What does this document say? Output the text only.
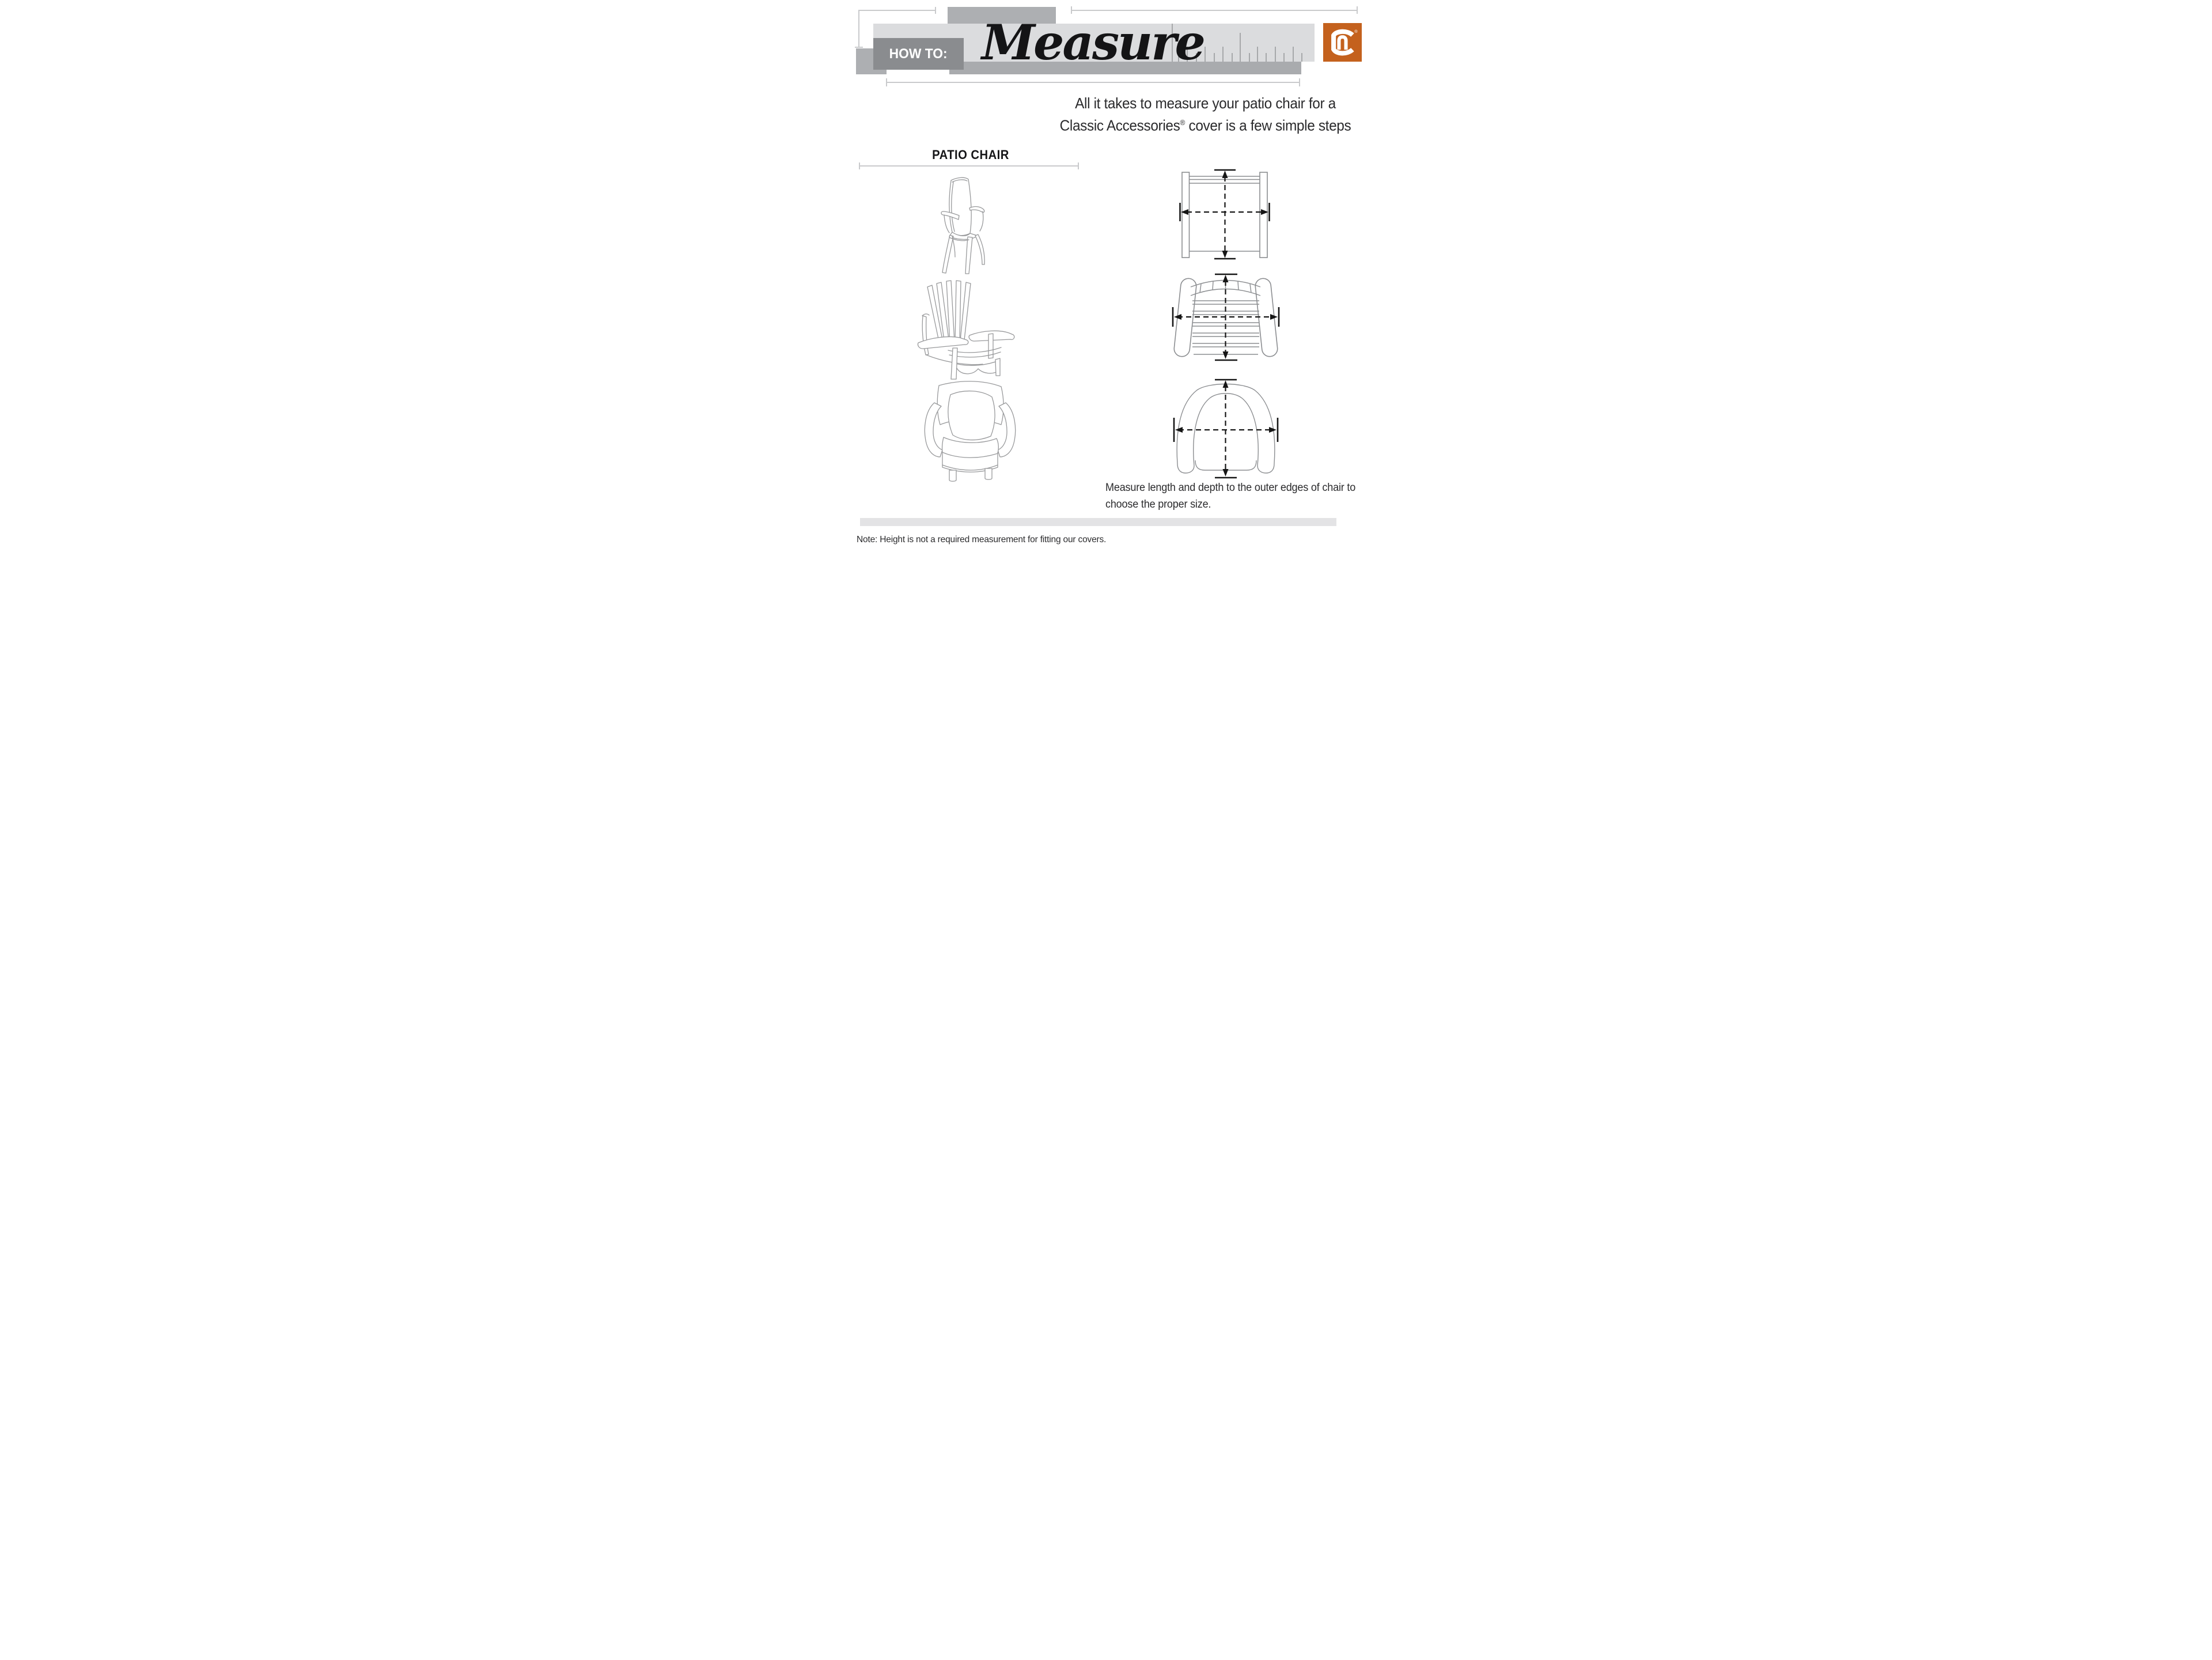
HOW TO: Measure	®
All it takes to measure your patio chair for a
Classic Accessories® cover is a few simple steps
PATIO CHAIR
Measure length and depth to the outer edges of chair to
choose the proper size.
Note: Height is not a required measurement for fitting our covers.
